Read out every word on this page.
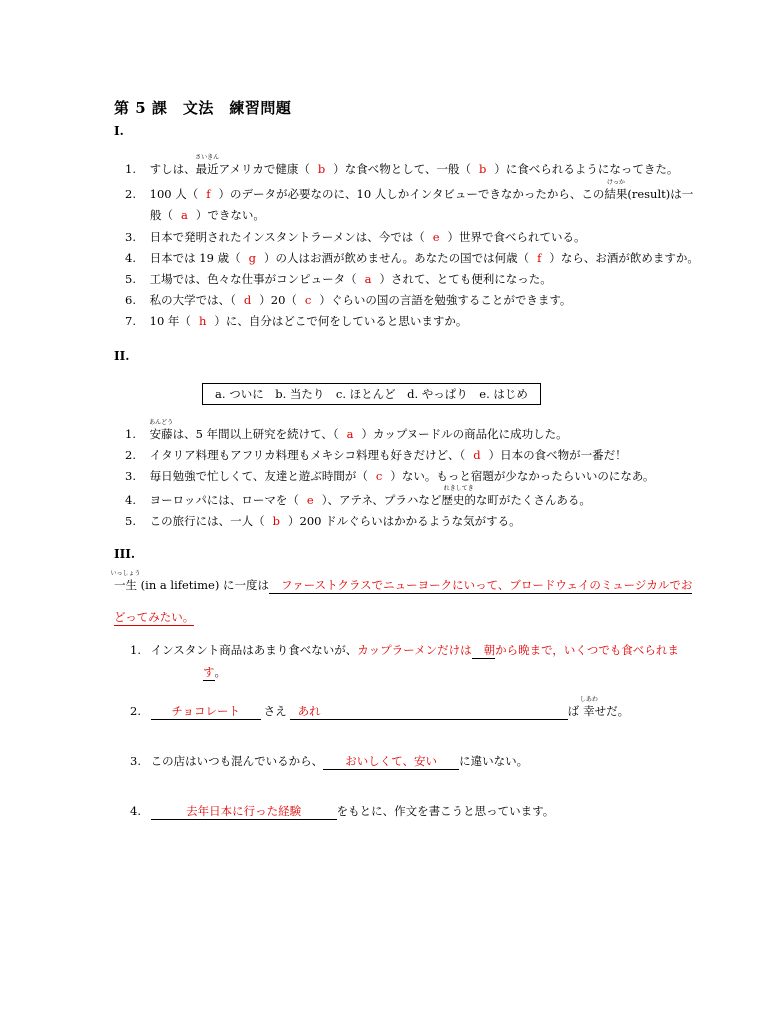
第 5 課　文法　練習問題
I.
1. すしは、
さいきん
最近アメリカで健康（ b ）な食べ物として、一般（ b ）に食べられるようになってきた。
2. 100 人（ f ）のデータが必要なのに、10 人しかインタビューできなかったから、この
けっか
結果(result)は一
般（ a ）できない。
3. 日本で発明されたインスタントラーメンは、今では（ e ）世界で食べられている。
4. 日本では 19 歳（ g ）の人はお酒が飲めません。あなたの国では何歳（ f ）なら、お酒が飲めますか。
5. 工場では、色々な仕事がコンピュータ（ a ）されて、とても便利になった。
6. 私の大学では、（ d ）20（ c ）ぐらいの国の言語を勉強することができます。
7. 10 年（ h ）に、自分はどこで何をしていると思いますか。
II.
a. ついに　b. 当たり　c. ほとんど　d. やっぱり　e. はじめ
1.
あんどう
安藤は、5 年間以上研究を続けて、（ a ）カップヌードルの商品化に成功した。
2. イタリア料理もアフリカ料理もメキシコ料理も好きだけど、（ d ）日本の食べ物が一番だ！
3. 毎日勉強で忙しくて、友達と遊ぶ時間が（ c ）ない。もっと宿題が少なかったらいいのになあ。
4. ヨーロッパには、ローマを（ e ）、アテネ、プラハなど
れきしてき
歴史的な町がたくさんある。
5. この旅行には、一人（ b ）200 ドルぐらいはかかるような気がする。
III.
いっしょう
一生 (in a lifetime) に一度は ファーストクラスでニューヨークにいって、ブロードウェイのミュージカルでお
どってみたい。
1. インスタント商品はあまり食べないが、カップラーメンだけは 朝から晩まで，いくつでも食べられま
す。
2.	チョコレート さえ あれ	ば
しあわ
幸せだ。
3. この店はいつも混んでいるから、 おいしくて、安い に違いない。
4.	去年日本に行った経験	をもとに、作文を書こうと思っています。
